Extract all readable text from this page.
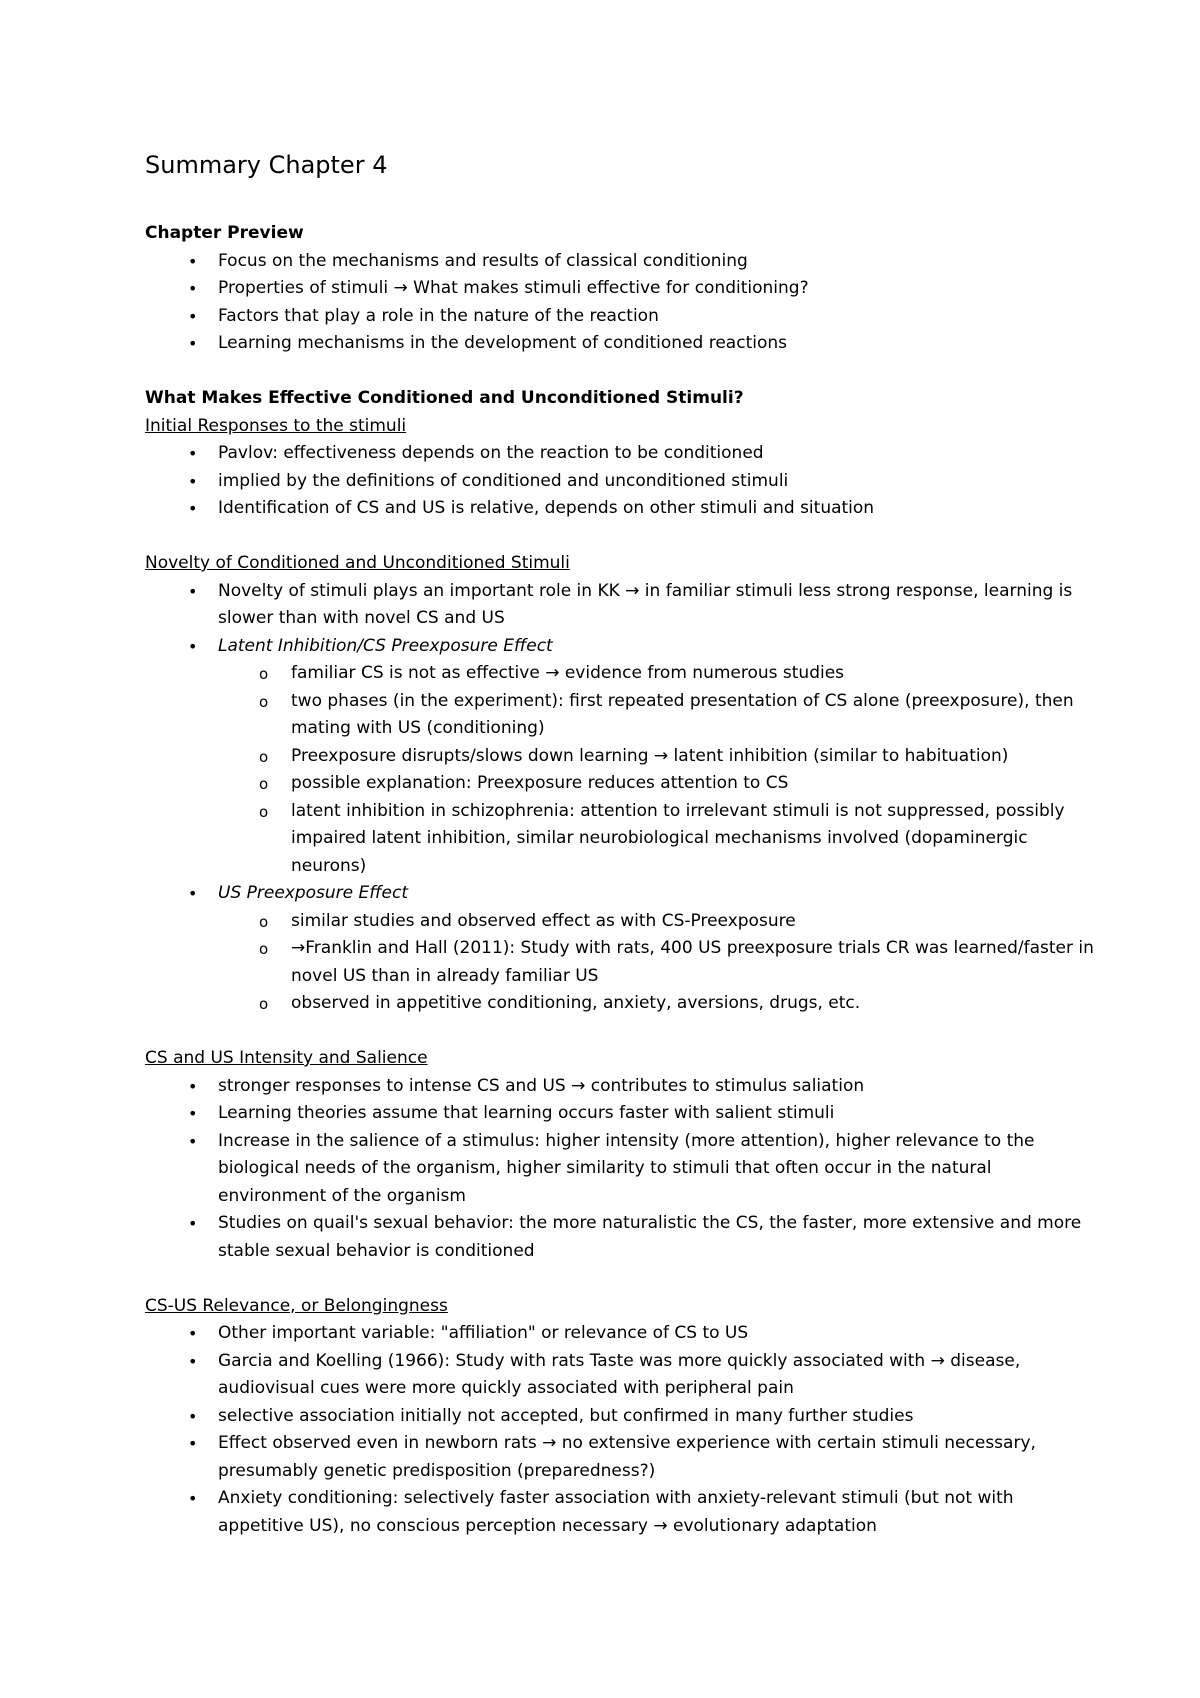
Summary Chapter 4

Chapter Preview

• Focus on the mechanisms and results of classical conditioning
• Properties of stimuli → What makes stimuli effective for conditioning?
• Factors that play a role in the nature of the reaction
• Learning mechanisms in the development of conditioned reactions

What Makes Effective Conditioned and Unconditioned Stimuli?

Initial Responses to the stimuli

• Pavlov: effectiveness depends on the reaction to be conditioned
• implied by the definitions of conditioned and unconditioned stimuli
• Identification of CS and US is relative, depends on other stimuli and situation

Novelty of Conditioned and Unconditioned Stimuli

• Novelty of stimuli plays an important role in KK → in familiar stimuli less strong response, learning is slower than with novel CS and US
• Latent Inhibition/CS Preexposure Effect
o familiar CS is not as effective → evidence from numerous studies
o two phases (in the experiment): first repeated presentation of CS alone (preexposure), then mating with US (conditioning)
o Preexposure disrupts/slows down learning → latent inhibition (similar to habituation)
o possible explanation: Preexposure reduces attention to CS
o latent inhibition in schizophrenia: attention to irrelevant stimuli is not suppressed, possibly impaired latent inhibition, similar neurobiological mechanisms involved (dopaminergic neurons)
• US Preexposure Effect
o similar studies and observed effect as with CS-Preexposure
o →Franklin and Hall (2011): Study with rats, 400 US preexposure trials CR was learned/faster in novel US than in already familiar US
o observed in appetitive conditioning, anxiety, aversions, drugs, etc.

CS and US Intensity and Salience

• stronger responses to intense CS and US → contributes to stimulus saliation
• Learning theories assume that learning occurs faster with salient stimuli
• Increase in the salience of a stimulus: higher intensity (more attention), higher relevance to the biological needs of the organism, higher similarity to stimuli that often occur in the natural environment of the organism
• Studies on quail's sexual behavior: the more naturalistic the CS, the faster, more extensive and more stable sexual behavior is conditioned

CS-US Relevance, or Belongingness

• Other important variable: "affiliation" or relevance of CS to US
• Garcia and Koelling (1966): Study with rats Taste was more quickly associated with → disease, audiovisual cues were more quickly associated with peripheral pain
• selective association initially not accepted, but confirmed in many further studies
• Effect observed even in newborn rats → no extensive experience with certain stimuli necessary, presumably genetic predisposition (preparedness?)
• Anxiety conditioning: selectively faster association with anxiety-relevant stimuli (but not with appetitive US), no conscious perception necessary → evolutionary adaptation
